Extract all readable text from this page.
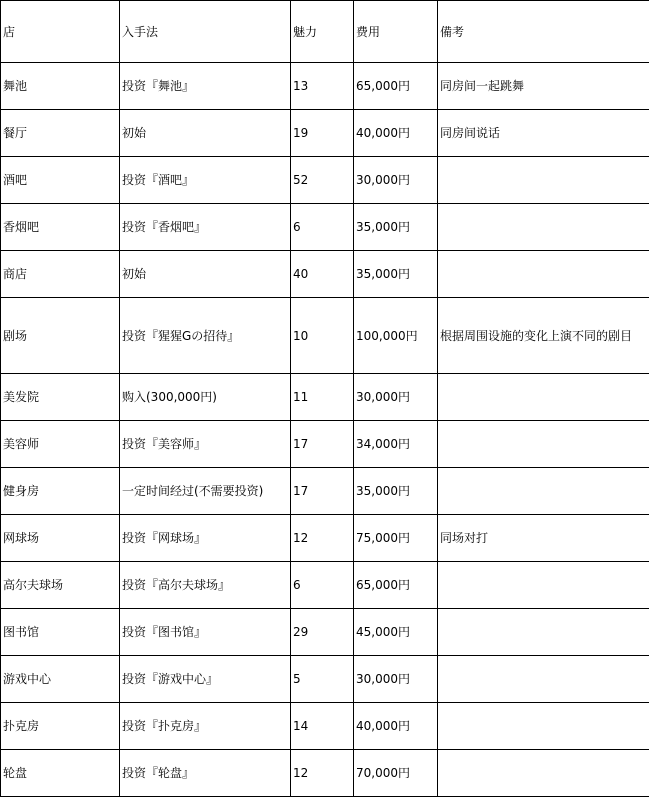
店	入手法	魅力	费用	備考
舞池	投资『舞池』	13	65,000円	同房间一起跳舞
餐厅	初始	19	40,000円	同房间说话
酒吧	投资『酒吧』	52	30,000円	
香烟吧	投资『香烟吧』	6	35,000円	
商店	初始	40	35,000円	
剧场	投资『猩猩Gの招待』	10	100,000円	根据周围设施的变化上演不同的剧目
美发院	购入(300,000円)	11	30,000円	
美容师	投资『美容师』	17	34,000円	
健身房	一定时间经过(不需要投资)	17	35,000円	
网球场	投资『网球场』	12	75,000円	同场对打
高尔夫球场	投资『高尔夫球场』	6	65,000円	
图书馆	投资『图书馆』	29	45,000円	
游戏中心	投资『游戏中心』	5	30,000円	
扑克房	投资『扑克房』	14	40,000円	
轮盘	投资『轮盘』	12	70,000円	
